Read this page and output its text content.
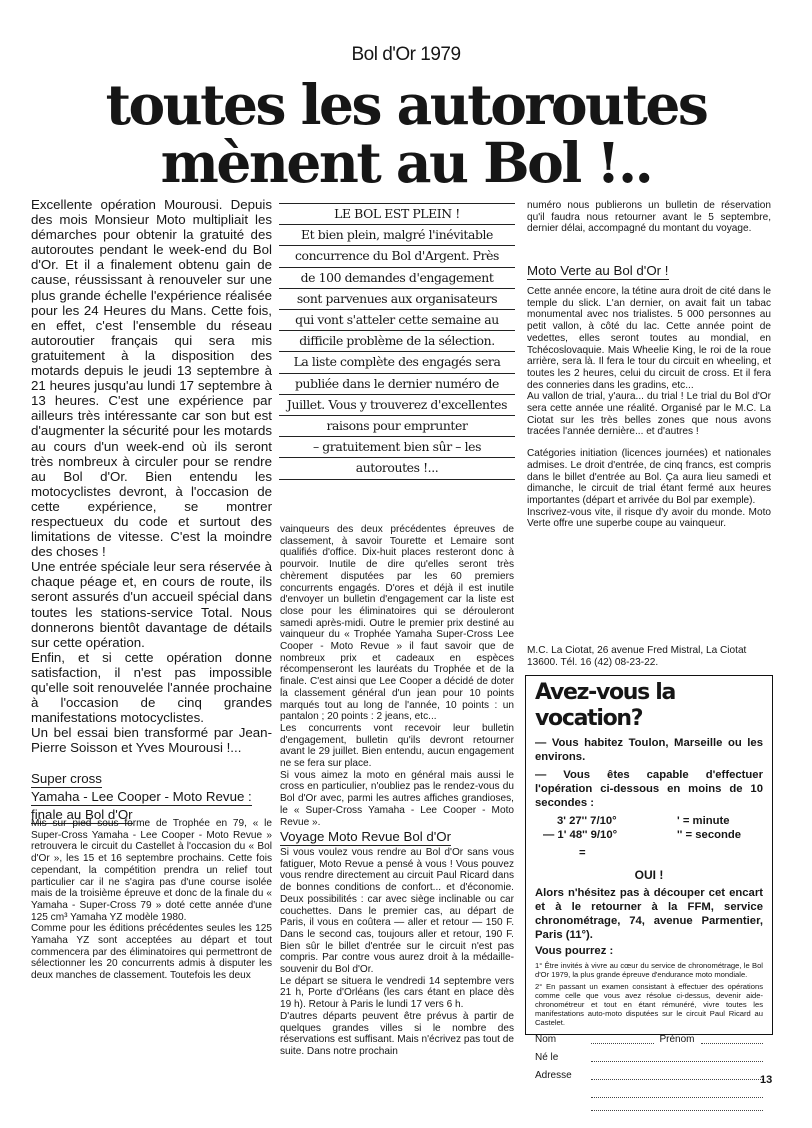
Bol d'Or 1979
toutes les autoroutes
mènent au Bol !..

Excellente opération Mourousi. Depuis des mois Monsieur Moto multipliait les démarches pour obtenir la gratuité des autoroutes pendant le week-end du Bol d'Or. Et il a finalement obtenu gain de cause, réussissant à renouveler sur une plus grande échelle l'expérience réalisée pour les 24 Heures du Mans. Cette fois, en effet, c'est l'ensemble du réseau autoroutier français qui sera mis gratuitement à la disposition des motards depuis le jeudi 13 septembre à 21 heures jusqu'au lundi 17 septembre à 13 heures. C'est une expérience par ailleurs très intéressante car son but est d'augmenter la sécurité pour les motards au cours d'un week-end où ils seront très nombreux à circuler pour se rendre au Bol d'Or. Bien entendu les motocyclistes devront, à l'occasion de cette expérience, se montrer respectueux du code et surtout des limitations de vitesse. C'est la moindre des choses !

Une entrée spéciale leur sera réservée à chaque péage et, en cours de route, ils seront assurés d'un accueil spécial dans toutes les stations-service Total. Nous donnerons bientôt davantage de détails sur cette opération.

Enfin, et si cette opération donne satisfaction, il n'est pas impossible qu'elle soit renouvelée l'année prochaine à l'occasion de cinq grandes manifestations motocyclistes.

Un bel essai bien transformé par Jean-Pierre Soisson et Yves Mourousi !...

Super cross
Yamaha - Lee Cooper - Moto Revue :
finale au Bol d'Or

Mis sur pied sous forme de Trophée en 79, « le Super-Cross Yamaha - Lee Cooper - Moto Revue » retrouvera le circuit du Castellet à l'occasion du « Bol d'Or », les 15 et 16 septembre prochains. Cette fois cependant, la compétition prendra un relief tout particulier car il ne s'agira pas d'une course isolée mais de la troisième épreuve et donc de la finale du « Yamaha - Super-Cross 79 » doté cette année d'une 125 cm³ Yamaha YZ modèle 1980.

Comme pour les éditions précédentes seules les 125 Yamaha YZ sont acceptées au départ et tout commencera par des éliminatoires qui permettront de sélectionner les 20 concurrents admis à disputer les deux manches de classement. Toutefois les deux

LE BOL EST PLEIN !
Et bien plein, malgré l'inévitable
concurrence du Bol d'Argent. Près
de 100 demandes d'engagement
sont parvenues aux organisateurs
qui vont s'atteler cette semaine au
difficile problème de la sélection.
La liste complète des engagés sera
publiée dans le dernier numéro de
Juillet. Vous y trouverez d'excellentes
raisons pour emprunter
– gratuitement bien sûr – les
autoroutes !...

vainqueurs des deux précédentes épreuves de classement, à savoir Tourette et Lemaire sont qualifiés d'office. Dix-huit places resteront donc à pourvoir. Inutile de dire qu'elles seront très chèrement disputées par les 60 premiers concurrents engagés. D'ores et déjà il est inutile d'envoyer un bulletin d'engagement car la liste est close pour les éliminatoires qui se dérouleront samedi après-midi. Outre le premier prix destiné au vainqueur du « Trophée Yamaha Super-Cross Lee Cooper - Moto Revue » il faut savoir que de nombreux prix et cadeaux en espèces récompenseront les lauréats du Trophée et de la finale. C'est ainsi que Lee Cooper a décidé de doter la classement général d'un jean pour 10 points marqués tout au long de l'année, 10 points : un pantalon ; 20 points : 2 jeans, etc...

Les concurrents vont recevoir leur bulletin d'engagement, bulletin qu'ils devront retourner avant le 29 juillet. Bien entendu, aucun engagement ne se fera sur place.

Si vous aimez la moto en général mais aussi le cross en particulier, n'oubliez pas le rendez-vous du Bol d'Or avec, parmi les autres affiches grandioses, le « Super-Cross Yamaha - Lee Cooper - Moto Revue ».

Voyage Moto Revue Bol d'Or

Si vous voulez vous rendre au Bol d'Or sans vous fatiguer, Moto Revue a pensé à vous ! Vous pouvez vous rendre directement au circuit Paul Ricard dans de bonnes conditions de confort... et d'économie. Deux possibilités : car avec siège inclinable ou car couchettes. Dans le premier cas, au départ de Paris, il vous en coûtera — aller et retour — 150 F. Dans le second cas, toujours aller et retour, 190 F. Bien sûr le billet d'entrée sur le circuit n'est pas compris. Par contre vous aurez droit à la médaille-souvenir du Bol d'Or.

Le départ se situera le vendredi 14 septembre vers 21 h, Porte d'Orléans (les cars étant en place dès 19 h). Retour à Paris le lundi 17 vers 6 h.

D'autres départs peuvent être prévus à partir de quelques grandes villes si le nombre des réservations est suffisant. Mais n'écrivez pas tout de suite. Dans notre prochain

numéro nous publierons un bulletin de réservation qu'il faudra nous retourner avant le 5 septembre, dernier délai, accompagné du montant du voyage.

Moto Verte au Bol d'Or !

Cette année encore, la tétine aura droit de cité dans le temple du slick. L'an dernier, on avait fait un tabac monumental avec nos trialistes. 5 000 personnes au petit vallon, à côté du lac. Cette année point de vedettes, elles seront toutes au mondial, en Tchécoslovaquie. Mais Wheelie King, le roi de la roue arrière, sera là. Il fera le tour du circuit en wheeling, et toutes les 2 heures, celui du circuit de cross. Et il fera des conneries dans les gradins, etc...

Au vallon de trial, y'aura... du trial ! Le trial du Bol d'Or sera cette année une réalité. Organisé par le M.C. La Ciotat sur les très belles zones que nous avons tracées l'année dernière... et d'autres !

Catégories initiation (licences journées) et nationales admises. Le droit d'entrée, de cinq francs, est compris dans le billet d'entrée au Bol. Ça aura lieu samedi et dimanche, le circuit de trial étant fermé aux heures importantes (départ et arrivée du Bol par exemple).

Inscrivez-vous vite, il risque d'y avoir du monde. Moto Verte offre une superbe coupe au vainqueur.

M.C. La Ciotat, 26 avenue Fred Mistral, La Ciotat 13600. Tél. 16 (42) 08-23-22.
Avez-vous la vocation?
— Vous habitez Toulon, Marseille ou les environs.
— Vous êtes capable d'effectuer l'opération ci-dessous en moins de 10 secondes :
3' 27'' 7/10°	' = minute
— 1' 48'' 9/10°	'' = seconde
=
OUI !
Alors n'hésitez pas à découper cet encart et à le retourner à la FFM, service chronométrage, 74, avenue Parmentier, Paris (11°).
Vous pourrez :
1° Être invités à vivre au cœur du service de chronométrage, le Bol d'Or 1979, la plus grande épreuve d'endurance moto mondiale.
2° En passant un examen consistant à effectuer des opérations comme celle que vous avez résolue ci-dessus, devenir aide-chronométreur et tout en étant rémunéré, vivre toutes les manifestations auto-moto disputées sur le circuit Paul Ricard au Castelet.
Nom	Prénom
Né le
Adresse	13
